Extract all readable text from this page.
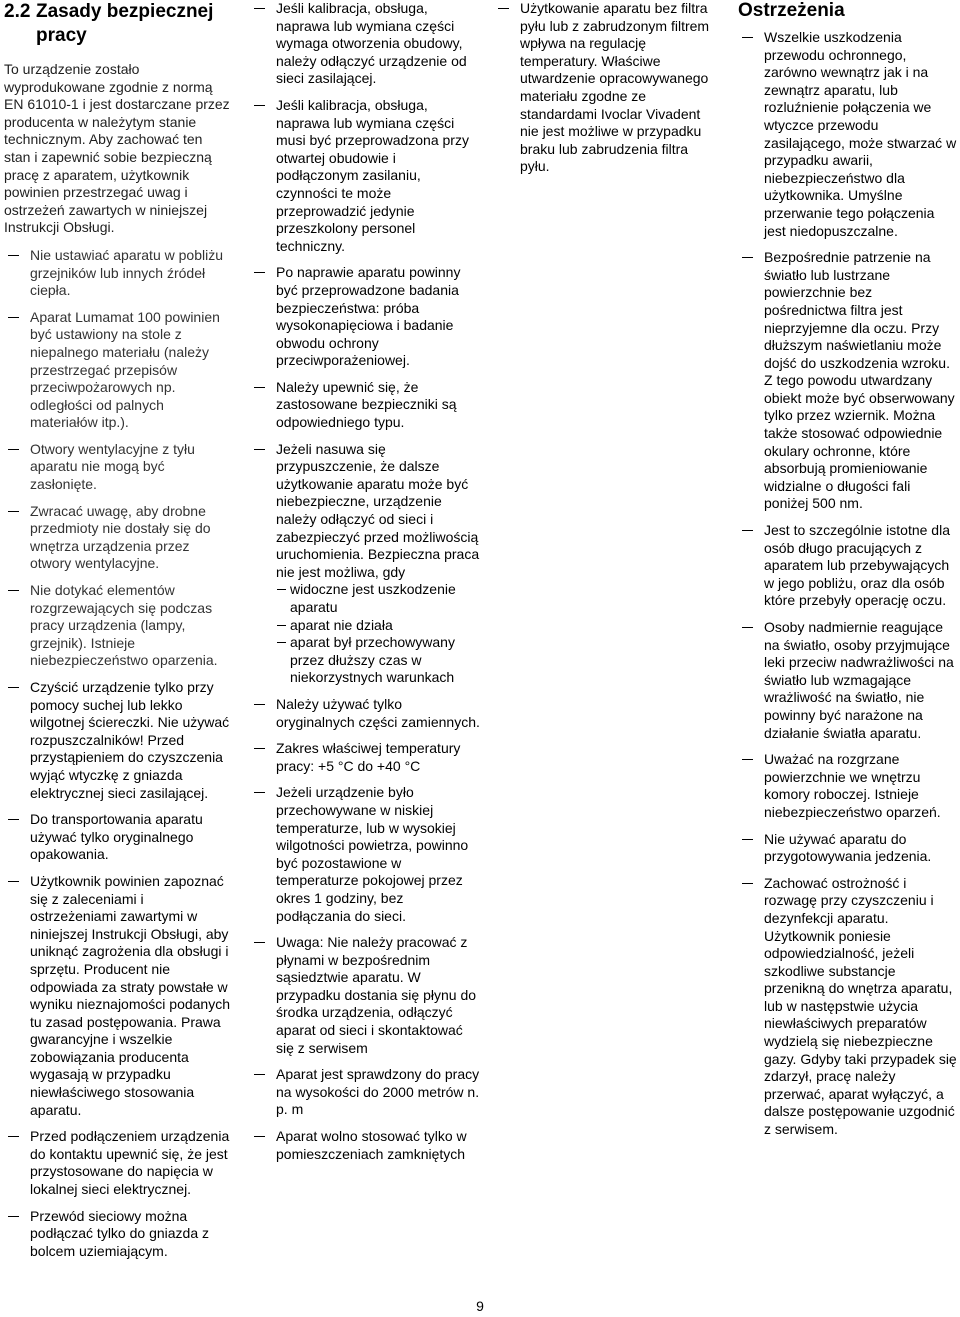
2.2 Zasady bezpiecznej pracy
To urządzenie zostało wyprodukowane zgodnie z normą EN 61010-1 i jest dostarczane przez producenta w należytym stanie technicznym. Aby zachować ten stan i zapewnić sobie bezpieczną pracę z aparatem, użytkownik powinien przestrzegać uwag i ostrzeżeń zawartych w niniejszej Instrukcji Obsługi.
Nie ustawiać aparatu w pobliżu grzejników lub innych źródeł ciepła.
Aparat Lumamat 100 powinien być ustawiony na stole z niepalnego materiału (należy przestrzegać przepisów przeciwpożarowych np. odległości od palnych materiałów itp.).
Otwory wentylacyjne z tyłu aparatu nie mogą być zasłonięte.
Zwracać uwagę, aby drobne przedmioty nie dostały się do wnętrza urządzenia przez otwory wentylacyjne.
Nie dotykać elementów rozgrzewających się podczas pracy urządzenia (lampy, grzejnik). Istnieje niebezpieczeństwo oparzenia.
Czyścić urządzenie tylko przy pomocy suchej lub lekko wilgotnej ściereczki. Nie używać rozpuszczalników! Przed przystąpieniem do czyszczenia wyjąć wtyczkę z gniazda elektrycznej sieci zasilającej.
Do transportowania aparatu używać tylko oryginalnego opakowania.
Użytkownik powinien zapoznać się z zaleceniami i ostrzeżeniami zawartymi w niniejszej Instrukcji Obsługi, aby uniknąć zagrożenia dla obsługi i sprzętu. Producent nie odpowiada za straty powstałe w wyniku nieznajomości podanych tu zasad postępowania. Prawa gwarancyjne i wszelkie zobowiązania producenta wygasają w przypadku niewłaściwego stosowania aparatu.
Przed podłączeniem urządzenia do kontaktu upewnić się, że jest przystosowane do napięcia w lokalnej sieci elektrycznej.
Przewód sieciowy można podłączać tylko do gniazda z bolcem uziemiającym.
Jeśli kalibracja, obsługa, naprawa lub wymiana części wymaga otworzenia obudowy, należy odłączyć urządzenie od sieci zasilającej.
Jeśli kalibracja, obsługa, naprawa lub wymiana części musi być przeprowadzona przy otwartej obudowie i podłączonym zasilaniu, czynności te może przeprowadzić jedynie przeszkolony personel techniczny.
Po naprawie aparatu powinny być przeprowadzone badania bezpieczeństwa: próba wysokonapięciowa i badanie obwodu ochrony przeciwporażeniowej.
Należy upewnić się, że zastosowane bezpieczniki są odpowiedniego typu.
Jeżeli nasuwa się przypuszczenie, że dalsze użytkowanie aparatu może być niebezpieczne, urządzenie należy odłączyć od sieci i zabezpieczyć przed możliwością uruchomienia. Bezpieczna praca nie jest możliwa, gdy
widoczne jest uszkodzenie aparatu
aparat nie działa
aparat był przechowywany przez dłuższy czas w niekorzystnych warunkach
Należy używać tylko oryginalnych części zamiennych.
Zakres właściwej temperatury pracy: +5 °C do +40 °C
Jeżeli urządzenie było przechowywane w niskiej temperaturze, lub w wysokiej wilgotności powietrza, powinno być pozostawione w temperaturze pokojowej przez okres 1 godziny, bez podłączania do sieci.
Uwaga: Nie należy pracować z płynami w bezpośrednim sąsiedztwie aparatu. W przypadku dostania się płynu do środka urządzenia, odłączyć aparat od sieci i skontaktować się z serwisem
Aparat jest sprawdzony do pracy na wysokości do 2000 metrów n. p. m
Aparat wolno stosować tylko w pomieszczeniach zamkniętych
Użytkowanie aparatu bez filtra pyłu lub z zabrudzonym filtrem wpływa na regulację temperatury. Właściwe utwardzenie opracowywanego materiału zgodne ze standardami Ivoclar Vivadent nie jest możliwe w przypadku braku lub zabrudzenia filtra pyłu.
Ostrzeżenia
Wszelkie uszkodzenia przewodu ochronnego, zarówno wewnątrz jak i na zewnątrz aparatu, lub rozluźnienie połączenia we wtyczce przewodu zasilającego, może stwarzać w przypadku awarii, niebezpieczeństwo dla użytkownika. Umyślne przerwanie tego połączenia jest niedopuszczalne.
Bezpośrednie patrzenie na światło lub lustrzane powierzchnie bez pośrednictwa filtra jest nieprzyjemne dla oczu. Przy dłuższym naświetlaniu może dojść do uszkodzenia wzroku. Z tego powodu utwardzany obiekt może być obserwowany tylko przez wziernik. Można także stosować odpowiednie okulary ochronne, które absorbują promieniowanie widzialne o długości fali poniżej 500 nm.
Jest to szczególnie istotne dla osób długo pracujących z aparatem lub przebywających w jego pobliżu, oraz dla osób które przebyły operację oczu.
Osoby nadmiernie reagujące na światło, osoby przyjmujące leki przeciw nadwrażliwości na światło lub wzmagające wrażliwość na światło, nie powinny być narażone na działanie światła aparatu.
Uważać na rozgrzane powierzchnie we wnętrzu komory roboczej. Istnieje niebezpieczeństwo oparzeń.
Nie używać aparatu do przygotowywania jedzenia.
Zachować ostrożność i rozwagę przy czyszczeniu i dezynfekcji aparatu. Użytkownik poniesie odpowiedzialność, jeżeli szkodliwe substancje przenikną do wnętrza aparatu, lub w następstwie użycia niewłaściwych preparatów wydzielą się niebezpieczne gazy. Gdyby taki przypadek się zdarzył, pracę należy przerwać, aparat wyłączyć, a dalsze postępowanie uzgodnić z serwisem.
9
